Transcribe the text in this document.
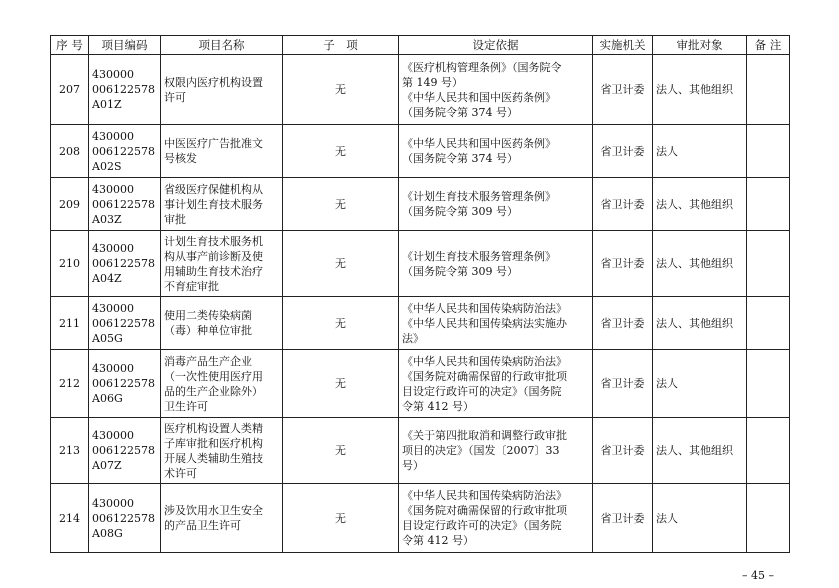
序 号	项目编码	项目名称	子　项	设定依据	实施机关	审批对象	备 注
207	430000
006122578
A01Z	权限内医疗机构设置
许可	无	《医疗机构管理条例》（国务院令
第 149 号）
《中华人民共和国中医药条例》
（国务院令第 374 号）	省卫计委	法人、其他组织	
208	430000
006122578
A02S	中医医疗广告批准文
号核发	无	《中华人民共和国中医药条例》
（国务院令第 374 号）	省卫计委	法人	
209	430000
006122578
A03Z	省级医疗保健机构从
事计划生育技术服务
审批	无	《计划生育技术服务管理条例》
（国务院令第 309 号）	省卫计委	法人、其他组织	
210	430000
006122578
A04Z	计划生育技术服务机
构从事产前诊断及使
用辅助生育技术治疗
不育症审批	无	《计划生育技术服务管理条例》
（国务院令第 309 号）	省卫计委	法人、其他组织	
211	430000
006122578
A05G	使用二类传染病菌
（毒）种单位审批	无	《中华人民共和国传染病防治法》
《中华人民共和国传染病法实施办
法》	省卫计委	法人、其他组织	
212	430000
006122578
A06G	消毒产品生产企业
（一次性使用医疗用
品的生产企业除外）
卫生许可	无	《中华人民共和国传染病防治法》
《国务院对确需保留的行政审批项
目设定行政许可的决定》（国务院
令第 412 号）	省卫计委	法人	
213	430000
006122578
A07Z	医疗机构设置人类精
子库审批和医疗机构
开展人类辅助生殖技
术许可	无	《关于第四批取消和调整行政审批
项目的决定》（国发〔2007〕33
号）	省卫计委	法人、其他组织	
214	430000
006122578
A08G	涉及饮用水卫生安全
的产品卫生许可	无	《中华人民共和国传染病防治法》
《国务院对确需保留的行政审批项
目设定行政许可的决定》（国务院
令第 412 号）	省卫计委	法人	
– 45 –
